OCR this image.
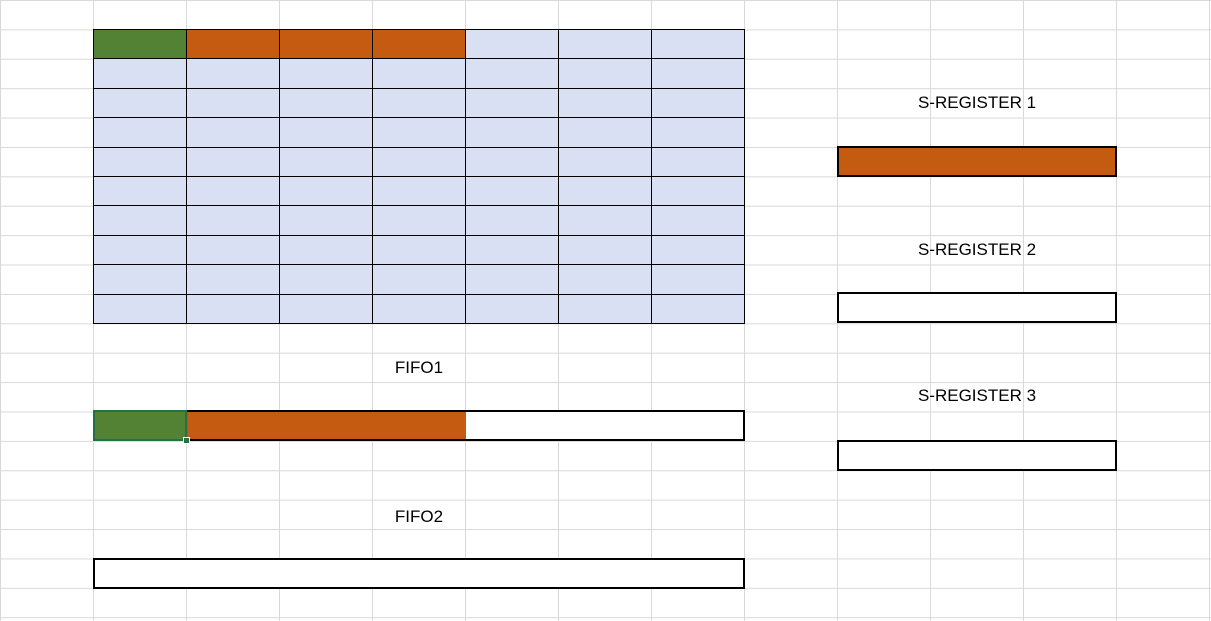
FIFO1
FIFO2
S-REGISTER 1
S-REGISTER 2
S-REGISTER 3
